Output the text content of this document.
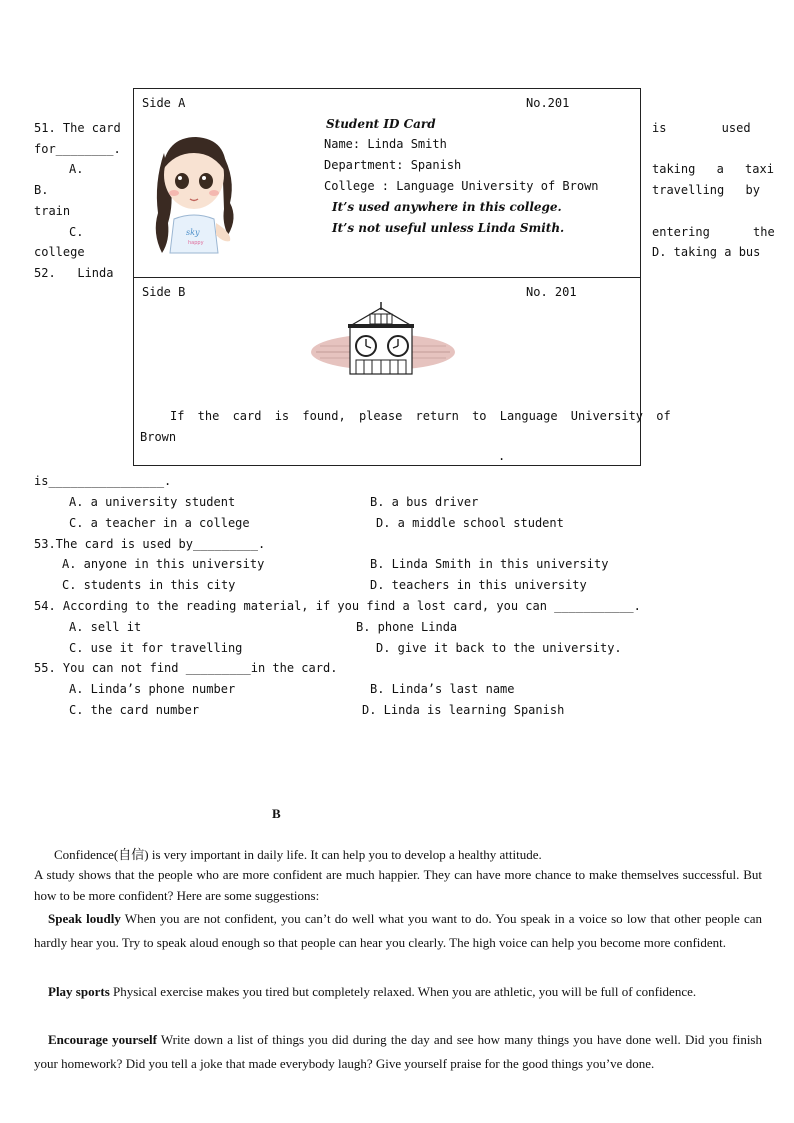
51. The card	is used
for________.
A.	taking a taxi
B.	travelling by
train
C.	entering the
college	D. taking a bus
52.   Linda
Side A	No.201
sky
happy
Student ID Card
Name: Linda Smith
Department: Spanish
College : Language University of Brown
It’s used anywhere in this college.
It’s not useful unless Linda Smith.
Side B	No. 201
If the card is found, please return to Language University of
Brown
.
is________________.
A. a university student	B. a bus driver
C. a teacher in a college	D. a middle school student
53.The card is used by_________.
A. anyone in this university	B. Linda Smith in this university
C. students in this city	D. teachers in this university
54. According to the reading material, if you find a lost card, you can ___________.
A. sell it	B. phone Linda
C. use it for travelling	D. give it back to the university.
55. You can not find _________in the card.
A. Linda’s phone number	B. Linda’s last name
C. the card number	D. Linda is learning Spanish
B
Confidence(自信) is very important in daily life. It can help you to develop a healthy attitude.
A study shows that the people who are more confident are much happier. They can have more chance to make themselves successful. But how to be more confident? Here are some suggestions:
Speak loudly When you are not confident, you can’t do well what you want to do. You speak in a voice so low that other people can hardly hear you. Try to speak aloud enough so that people can hear you clearly. The high voice can help you become more confident.
Play sports Physical exercise makes you tired but completely relaxed. When you are athletic, you will be full of confidence.
Encourage yourself Write down a list of things you did during the day and see how many things you have done well. Did you finish your homework? Did you tell a joke that made everybody laugh? Give yourself praise for the good things you’ve done.
